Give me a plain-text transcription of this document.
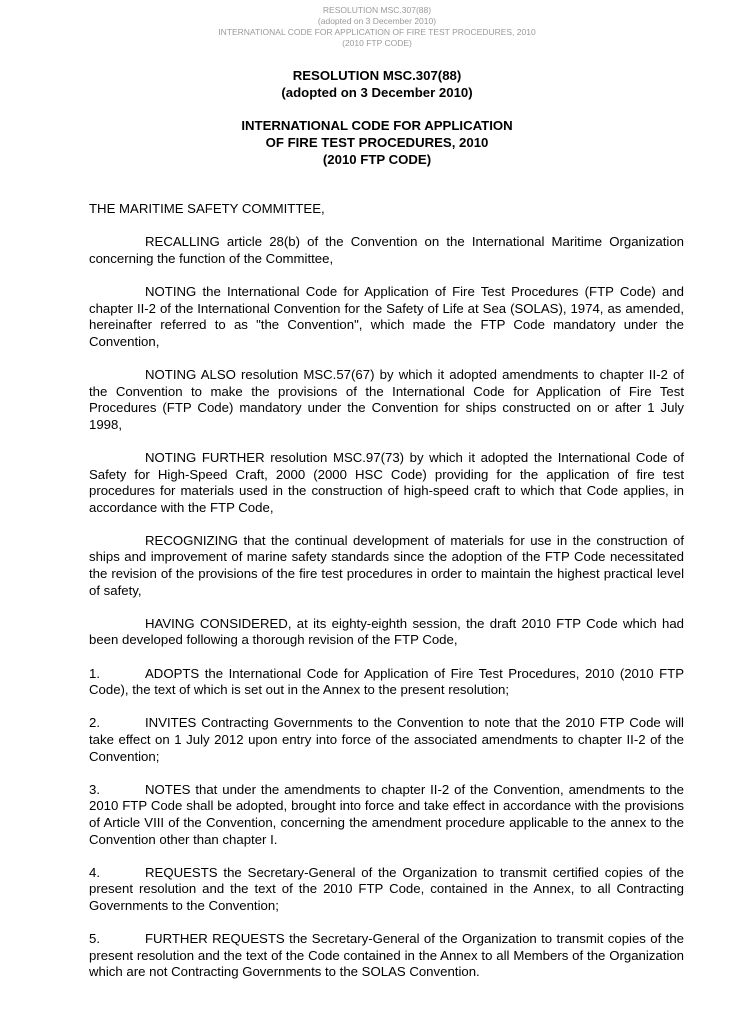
RESOLUTION MSC.307(88)
(adopted on 3 December 2010)
INTERNATIONAL CODE FOR APPLICATION OF FIRE TEST PROCEDURES, 2010
(2010 FTP CODE)
RESOLUTION MSC.307(88)
(adopted on 3 December 2010)
INTERNATIONAL CODE FOR APPLICATION
OF FIRE TEST PROCEDURES, 2010
(2010 FTP CODE)

THE MARITIME SAFETY COMMITTEE,

RECALLING article 28(b) of the Convention on the International Maritime Organization concerning the function of the Committee,

NOTING the International Code for Application of Fire Test Procedures (FTP Code) and chapter II-2 of the International Convention for the Safety of Life at Sea (SOLAS), 1974, as amended, hereinafter referred to as "the Convention", which made the FTP Code mandatory under the Convention,

NOTING ALSO resolution MSC.57(67) by which it adopted amendments to chapter II-2 of the Convention to make the provisions of the International Code for Application of Fire Test Procedures (FTP Code) mandatory under the Convention for ships constructed on or after 1 July 1998,

NOTING FURTHER resolution MSC.97(73) by which it adopted the International Code of Safety for High-Speed Craft, 2000 (2000 HSC Code) providing for the application of fire test procedures for materials used in the construction of high-speed craft to which that Code applies, in accordance with the FTP Code,

RECOGNIZING that the continual development of materials for use in the construction of ships and improvement of marine safety standards since the adoption of the FTP Code necessitated the revision of the provisions of the fire test procedures in order to maintain the highest practical level of safety,

HAVING CONSIDERED, at its eighty-eighth session, the draft 2010 FTP Code which had been developed following a thorough revision of the FTP Code,

1.	ADOPTS the International Code for Application of Fire Test Procedures, 2010 (2010 FTP Code), the text of which is set out in the Annex to the present resolution;

2.	INVITES Contracting Governments to the Convention to note that the 2010 FTP Code will take effect on 1 July 2012 upon entry into force of the associated amendments to chapter II-2 of the Convention;

3.	NOTES that under the amendments to chapter II-2 of the Convention, amendments to the 2010 FTP Code shall be adopted, brought into force and take effect in accordance with the provisions of Article VIII of the Convention, concerning the amendment procedure applicable to the annex to the Convention other than chapter I.

4.	REQUESTS the Secretary-General of the Organization to transmit certified copies of the present resolution and the text of the 2010 FTP Code, contained in the Annex, to all Contracting Governments to the Convention;

5.	FURTHER REQUESTS the Secretary-General of the Organization to transmit copies of the present resolution and the text of the Code contained in the Annex to all Members of the Organization which are not Contracting Governments to the SOLAS Convention.
